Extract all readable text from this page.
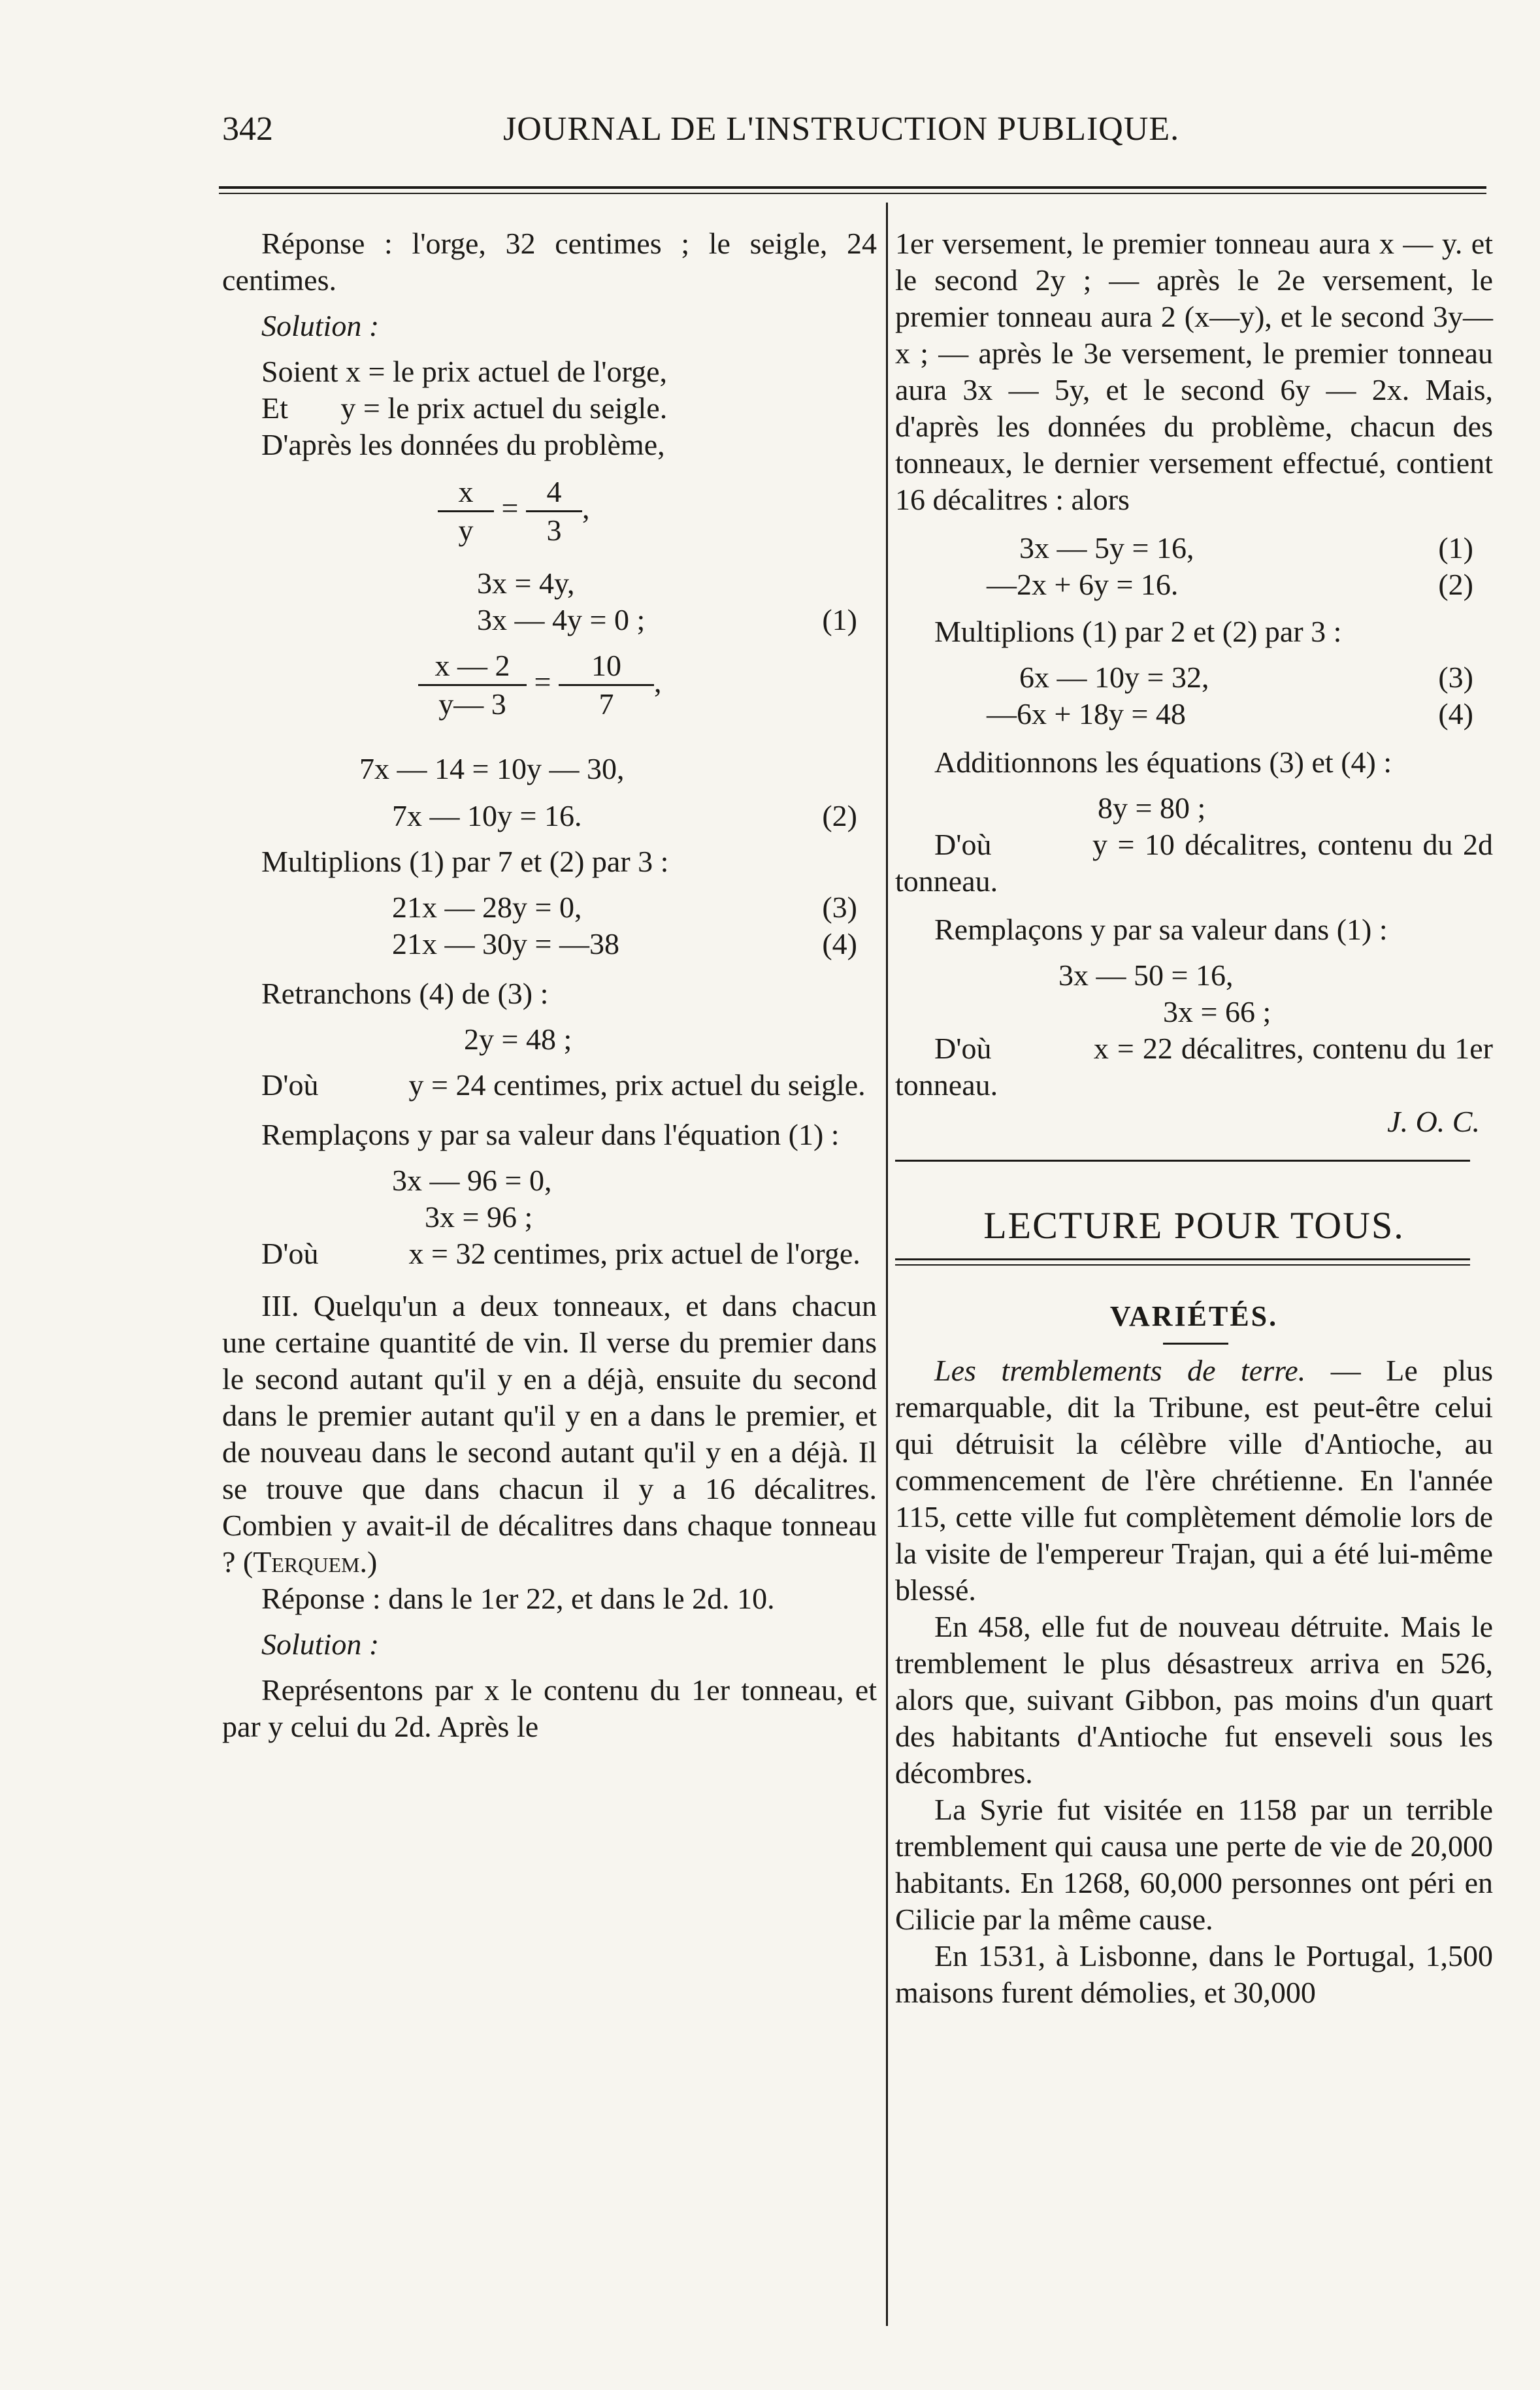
342	JOURNAL DE L'INSTRUCTION PUBLIQUE.

Réponse : l'orge, 32 centimes ; le seigle, 24 centimes.

Solution :

Soient x = le prix actuel de l'orge,

Et       y = le prix actuel du seigle.

D'après les données du problème,

$\frac{x}{y} = \frac{4}{3}$ ,
3x = 4y,
3x — 4y = 0 ;	(1)
$\frac{x — 2}{y— 3} = \frac{10}{7}$ ,
7x — 14 = 10y — 30,
7x — 10y = 16.	(2)

Multiplions (1) par 7 et (2) par 3 :

21x — 28y = 0,	(3)
21x — 30y = —38	(4)

Retranchons (4) de (3) :

2y = 48 ;

D'où            y = 24 centimes, prix actuel du seigle.

Remplaçons y par sa valeur dans l'équation (1) :

3x — 96 = 0,
3x = 96 ;

D'où            x = 32 centimes, prix actuel de l'orge.

III. Quelqu'un a deux tonneaux, et dans chacun une certaine quantité de vin. Il verse du premier dans le second autant qu'il y en a déjà, ensuite du second dans le premier autant qu'il y en a dans le premier, et de nouveau dans le second autant qu'il y en a déjà. Il se trouve que dans chacun il y a 16 décalitres. Combien y avait-il de décalitres dans chaque tonneau ? (Terquem.)

Réponse : dans le 1er 22, et dans le 2d. 10.

Solution :

Représentons par x le contenu du 1er tonneau, et par y celui du 2d. Après le

1er versement, le premier tonneau aura x — y. et le second 2y ; — après le 2e versement, le premier tonneau aura 2 (x—y), et le second 3y—x ; — après le 3e versement, le premier tonneau aura 3x — 5y, et le second 6y — 2x. Mais, d'après les données du problème, chacun des tonneaux, le dernier versement effectué, contient 16 décalitres : alors

3x — 5y = 16,	(1)
—2x + 6y = 16.	(2)

Multiplions (1) par 2 et (2) par 3 :

6x — 10y = 32,	(3)
—6x + 18y = 48	(4)

Additionnons les équations (3) et (4) :

8y = 80 ;

D'où          y = 10 décalitres, contenu du 2d tonneau.

Remplaçons y par sa valeur dans (1) :

3x — 50 = 16,
3x = 66 ;

D'où            x = 22 décalitres, contenu du 1er tonneau.

J. O. C.

LECTURE POUR TOUS.

VARIÉTÉS.

Les tremblements de terre. — Le plus remarquable, dit la Tribune, est peut-être celui qui détruisit la célèbre ville d'Antioche, au commencement de l'ère chrétienne. En l'année 115, cette ville fut complètement démolie lors de la visite de l'empereur Trajan, qui a été lui-même blessé.

En 458, elle fut de nouveau détruite. Mais le tremblement le plus désastreux arriva en 526, alors que, suivant Gibbon, pas moins d'un quart des habitants d'Antioche fut enseveli sous les décombres.

La Syrie fut visitée en 1158 par un terrible tremblement qui causa une perte de vie de 20,000 habitants. En 1268, 60,000 personnes ont péri en Cilicie par la même cause.

En 1531, à Lisbonne, dans le Portugal, 1,500 maisons furent démolies, et 30,000
